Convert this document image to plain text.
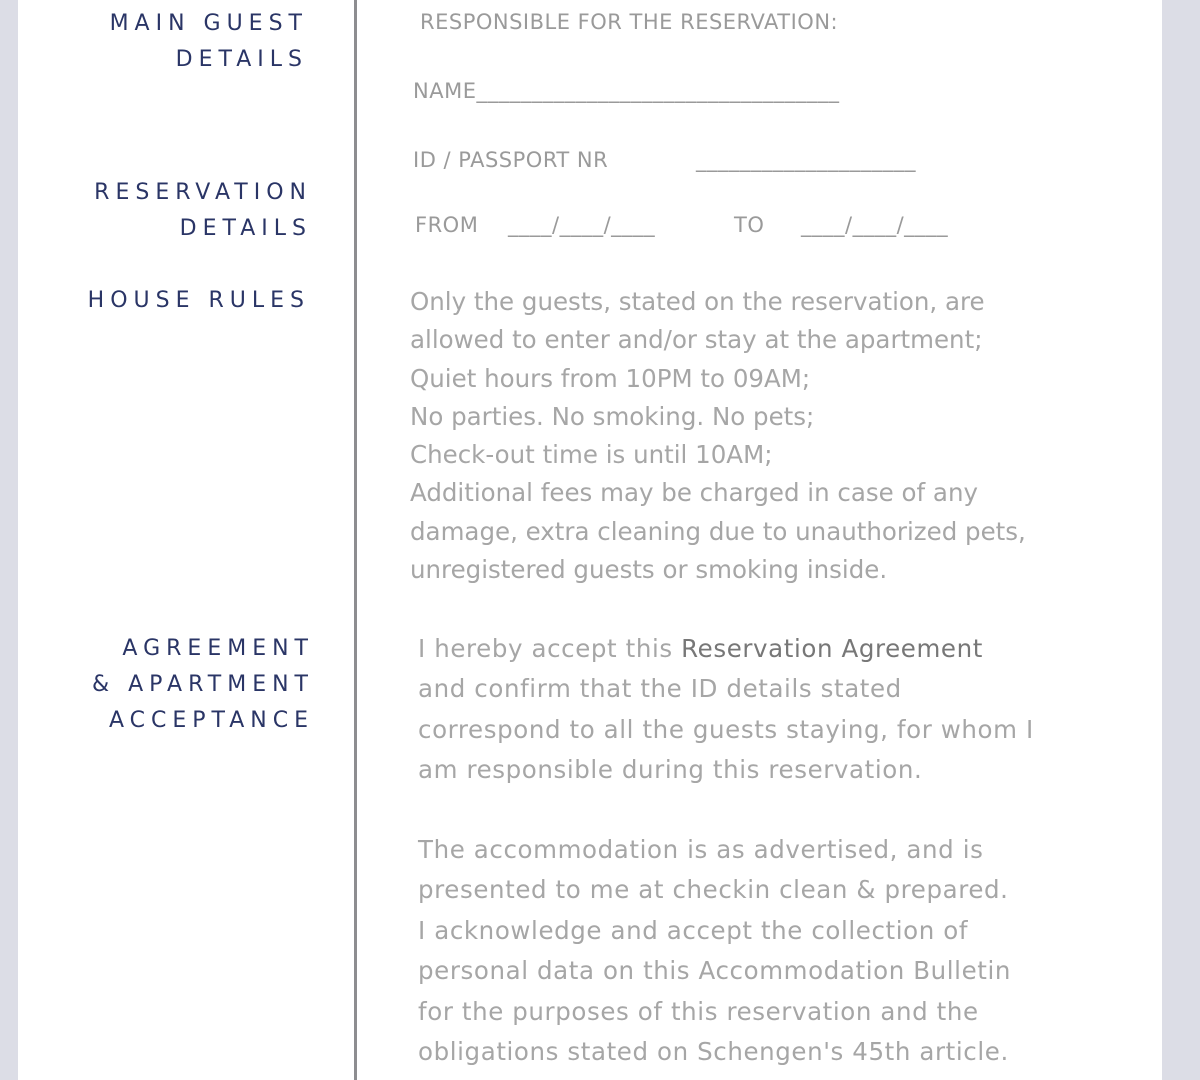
MAIN GUEST
DETAILS
RESERVATION
DETAILS
HOUSE RULES
AGREEMENT
& APARTMENT
ACCEPTANCE

RESPONSIBLE FOR THE RESERVATION:

NAME_________________________________

ID / PASSPORT NR	____________________

FROM ____/____/____	TO ____/____/____

Only the guests, stated on the reservation, are
allowed to enter and/or stay at the apartment;
Quiet hours from 10PM to 09AM;
No parties. No smoking. No pets;
Check-out time is until 10AM;
Additional fees may be charged in case of any
damage, extra cleaning due to unauthorized pets,
unregistered guests or smoking inside.
I hereby accept this Reservation Agreement
and confirm that the ID details stated
correspond to all the guests staying, for whom I
am responsible during this reservation.
The accommodation is as advertised, and is
presented to me at checkin clean & prepared.
I acknowledge and accept the collection of
personal data on this Accommodation Bulletin
for the purposes of this reservation and the
obligations stated on Schengen's 45th article.
